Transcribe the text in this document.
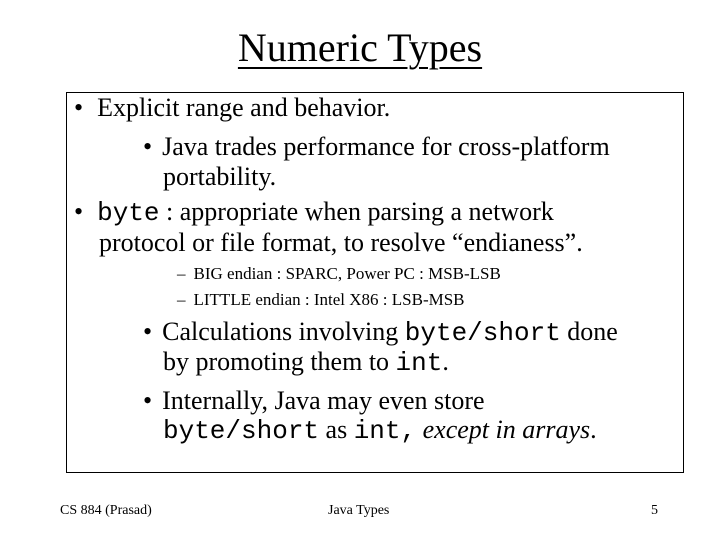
Numeric Types
• Explicit range and behavior.
• Java trades performance for cross-platform
portability.
• byte : appropriate when parsing a network
protocol or file format, to resolve “endianess”.
– BIG endian : SPARC, Power PC : MSB-LSB
– LITTLE endian : Intel X86 : LSB-MSB
• Calculations involving byte/short done
by promoting them to int.
• Internally, Java may even store
byte/short as int, except in arrays.
CS 884 (Prasad)	Java Types	5
